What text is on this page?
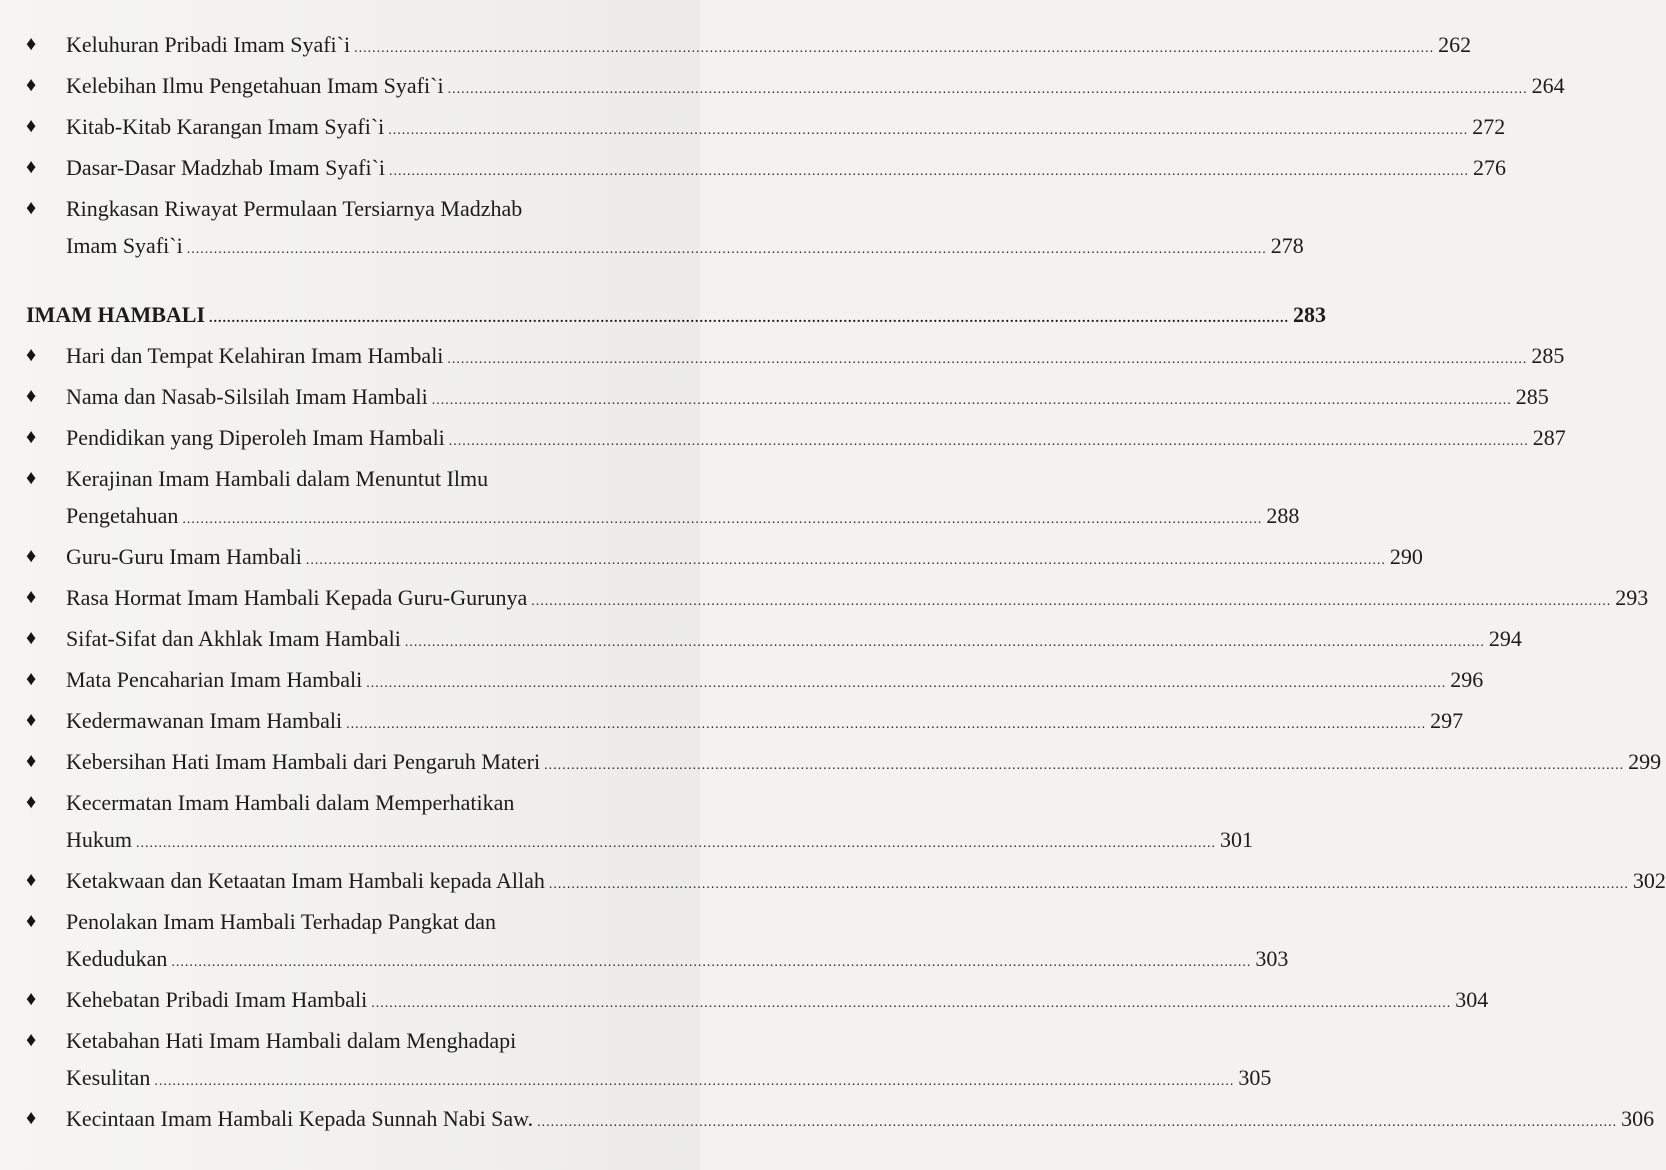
♦	Keluhuran Pribadi Imam Syafi`i .....	262
♦	Kelebihan Ilmu Pengetahuan Imam Syafi`i .....	264
♦	Kitab-Kitab Karangan Imam Syafi`i .....	272
♦	Dasar-Dasar Madzhab Imam Syafi`i .....	276
♦	Ringkasan Riwayat Permulaan Tersiarnya Madzhab
Imam Syafi`i .....	278
IMAM HAMBALI .....	283
♦	Hari dan Tempat Kelahiran Imam Hambali .....	285
♦	Nama dan Nasab-Silsilah Imam Hambali .....	285
♦	Pendidikan yang Diperoleh Imam Hambali .....	287
♦	Kerajinan Imam Hambali dalam Menuntut Ilmu
Pengetahuan .....	288
♦	Guru-Guru Imam Hambali .....	290
♦	Rasa Hormat Imam Hambali Kepada Guru-Gurunya .....	293
♦	Sifat-Sifat dan Akhlak Imam Hambali .....	294
♦	Mata Pencaharian Imam Hambali .....	296
♦	Kedermawanan Imam Hambali .....	297
♦	Kebersihan Hati Imam Hambali dari Pengaruh Materi .....	299
♦	Kecermatan Imam Hambali dalam Memperhatikan
Hukum .....	301
♦	Ketakwaan dan Ketaatan Imam Hambali kepada Allah .....	302
♦	Penolakan Imam Hambali Terhadap Pangkat dan
Kedudukan .....	303
♦	Kehebatan Pribadi Imam Hambali .....	304
♦	Ketabahan Hati Imam Hambali dalam Menghadapi
Kesulitan .....	305
♦	Kecintaan Imam Hambali Kepada Sunnah Nabi Saw. .....	306
